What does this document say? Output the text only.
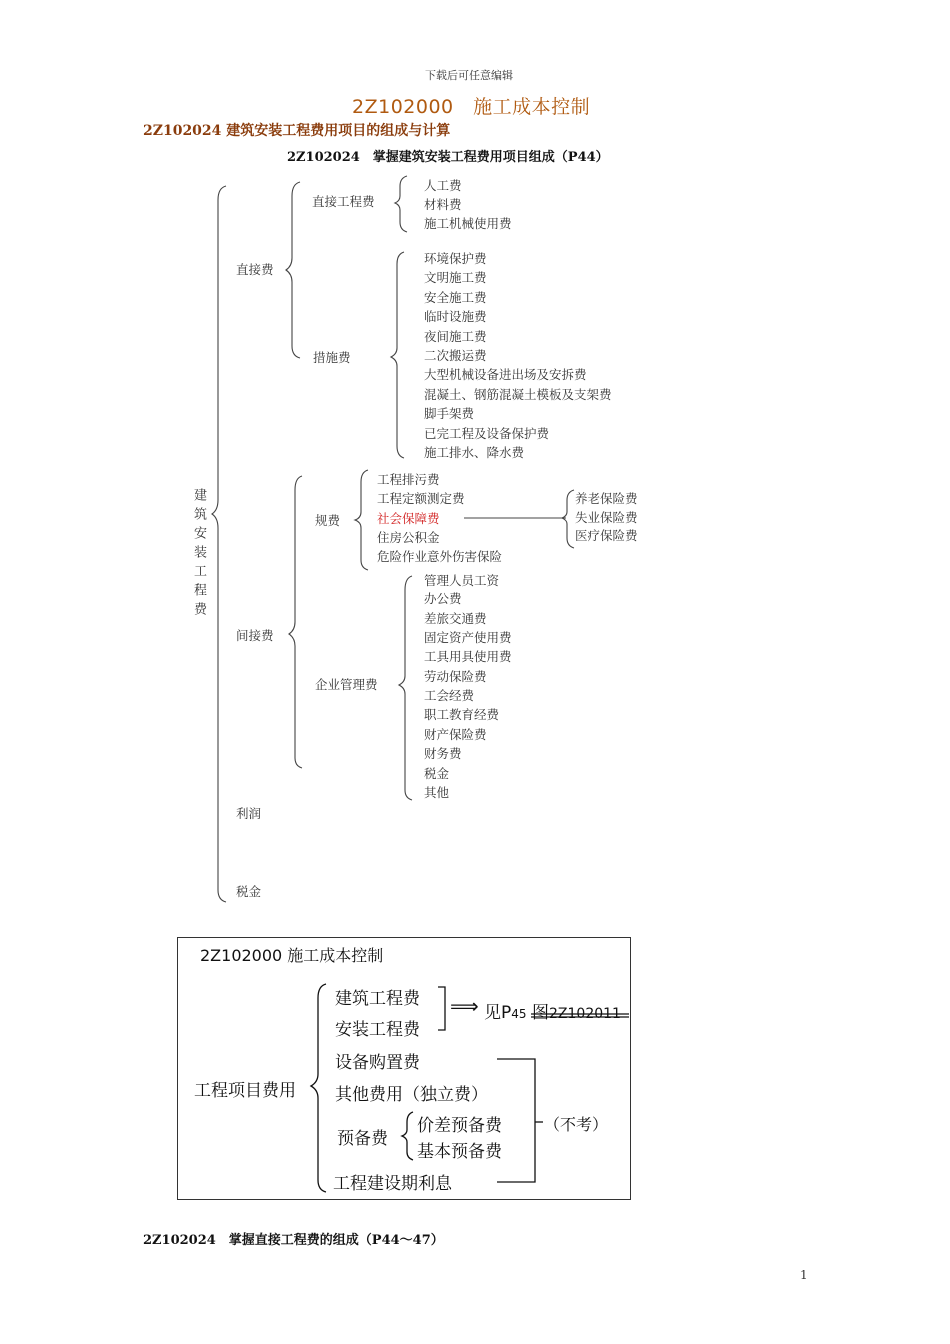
下载后可任意编辑
2Z102000　施工成本控制
2Z102024 建筑安装工程费用项目的组成与计算
2Z102024　掌握建筑安装工程费用项目组成（P44）
建筑安装工程费
直接费
间接费
利润
税金
直接工程费
措施费
规费
企业管理费
人工费
材料费
施工机械使用费
环境保护费
文明施工费
安全施工费
临时设施费
夜间施工费
二次搬运费
大型机械设备进出场及安拆费
混凝土、钢筋混凝土模板及支架费
脚手架费
已完工程及设备保护费
施工排水、降水费
工程排污费
工程定额测定费
社会保障费
住房公积金
危险作业意外伤害保险
养老保险费
失业保险费
医疗保险费
管理人员工资
办公费
差旅交通费
固定资产使用费
工具用具使用费
劳动保险费
工会经费
职工教育经费
财产保险费
财务费
税金
其他
2Z102000 施工成本控制
工程项目费用
建筑工程费
安装工程费
⟹ 见P45 图2Z102011
设备购置费
其他费用（独立费）
预备费
价差预备费
基本预备费
工程建设期利息
（不考）
2Z102024　掌握直接工程费的组成（P44～47）
1
